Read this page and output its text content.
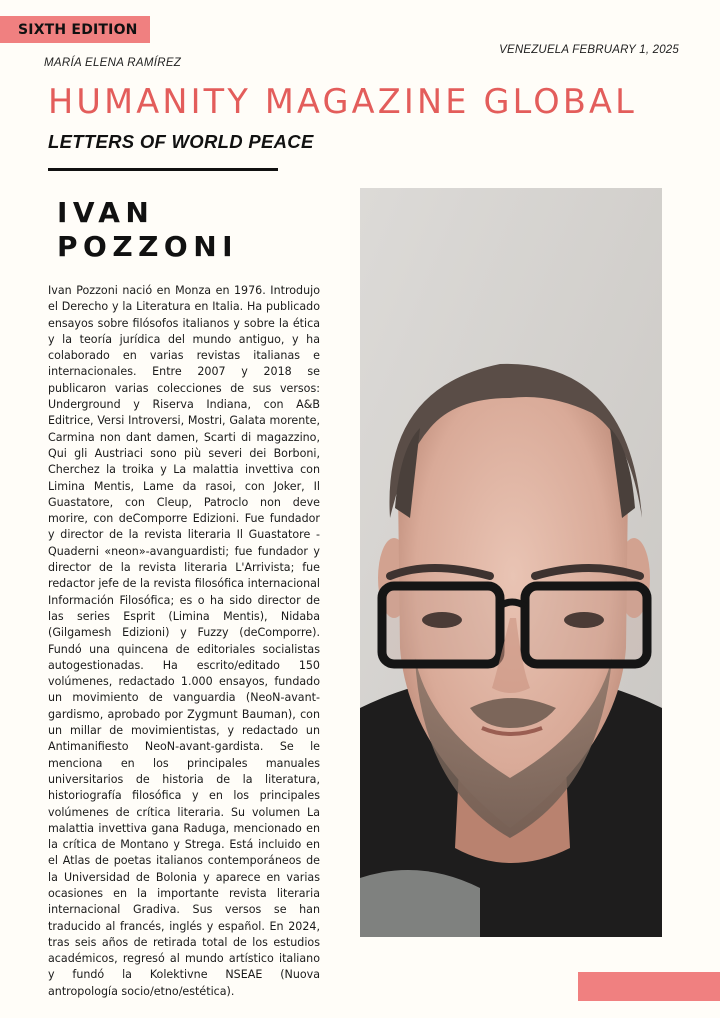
SIXTH EDITION
VENEZUELA FEBRUARY 1, 2025
MARÍA ELENA RAMÍREZ
HUMANITY MAGAZINE GLOBAL
LETTERS OF WORLD PEACE
IVAN
POZZONI

Ivan Pozzoni nació en Monza en 1976. Introdujo el Derecho y la Literatura en Italia. Ha publicado ensayos sobre filósofos italianos y sobre la ética y la teoría jurídica del mundo antiguo, y ha colaborado en varias revistas italianas e internacionales. Entre 2007 y 2018 se publicaron varias colecciones de sus versos: Underground y Riserva Indiana, con A&B Editrice, Versi Introversi, Mostri, Galata morente, Carmina non dant damen, Scarti di magazzino, Qui gli Austriaci sono più severi dei Borboni, Cherchez la troika y La malattia invettiva con Limina Mentis, Lame da rasoi, con Joker, Il Guastatore, con Cleup, Patroclo non deve morire, con deComporre Edizioni. Fue fundador y director de la revista literaria Il Guastatore - Quaderni «neon»-avanguardisti; fue fundador y director de la revista literaria L'Arrivista; fue redactor jefe de la revista filosófica internacional Información Filosófica; es o ha sido director de las series Esprit (Limina Mentis), Nidaba (Gilgamesh Edizioni) y Fuzzy (deComporre). Fundó una quincena de editoriales socialistas autogestionadas. Ha escrito/editado 150 volúmenes, redactado 1.000 ensayos, fundado un movimiento de vanguardia (NeoN-avant-gardismo, aprobado por Zygmunt Bauman), con un millar de movimientistas, y redactado un Antimanifiesto NeoN-avant-gardista. Se le menciona en los principales manuales universitarios de historia de la literatura, historiografía filosófica y en los principales volúmenes de crítica literaria. Su volumen La malattia invettiva gana Raduga, mencionado en la crítica de Montano y Strega. Está incluido en el Atlas de poetas italianos contemporáneos de la Universidad de Bolonia y aparece en varias ocasiones en la importante revista literaria internacional Gradiva. Sus versos se han traducido al francés, inglés y español. En 2024, tras seis años de retirada total de los estudios académicos, regresó al mundo artístico italiano y fundó la Kolektivne NSEAE (Nuova antropología socio/etno/estética).
